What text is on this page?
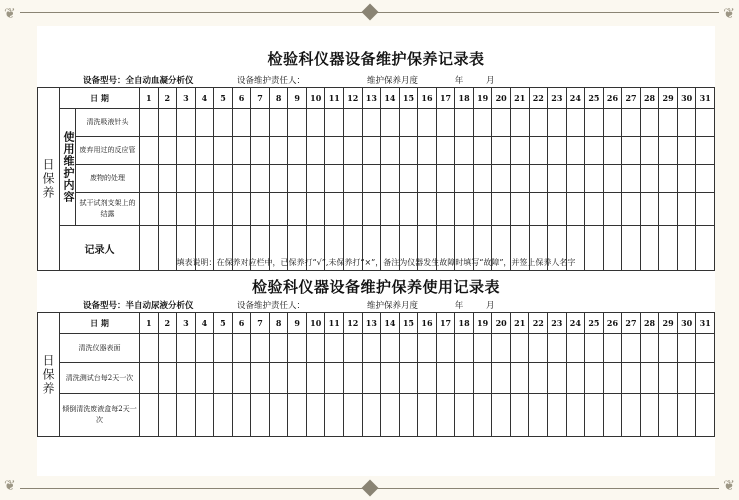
❦	❦
❦	❦
检验科仪器设备维护保养记录表
设备型号：全自动血凝分析仪	设备维护责任人：	维护保养月度	年	月
日保养	日 期		1	2	3	4	5	6	7	8	9	10	11	12	13	14	15	16	17	18	19	20	21	22	23	24	25	26	27	28	29	30	31

	使用维护内容	清洗吸液针头																															
		废弃用过的反应管																															
		废物的处理																															
		拭干试剂支架上的结露																															
	记录人																																
填表说明：在保养对应栏中，已保养打“√”,未保养打“×”，备注为仪器发生故障时填写“故障”，并签上保养人名字
检验科仪器设备维护保养使用记录表
设备型号：半自动尿液分析仪	设备维护责任人：	维护保养月度	年	月
日保养	日 期	1	2	3	4	5	6	7	8	9	10	11	12	13	14	15	16	17	18	19	20	21	22	23	24	25	26	27	28	29	30	31
	清洗仪器表面																															
	清洗测试台每2天一次																															
	倾倒清洗废液盒每2天一次																															
